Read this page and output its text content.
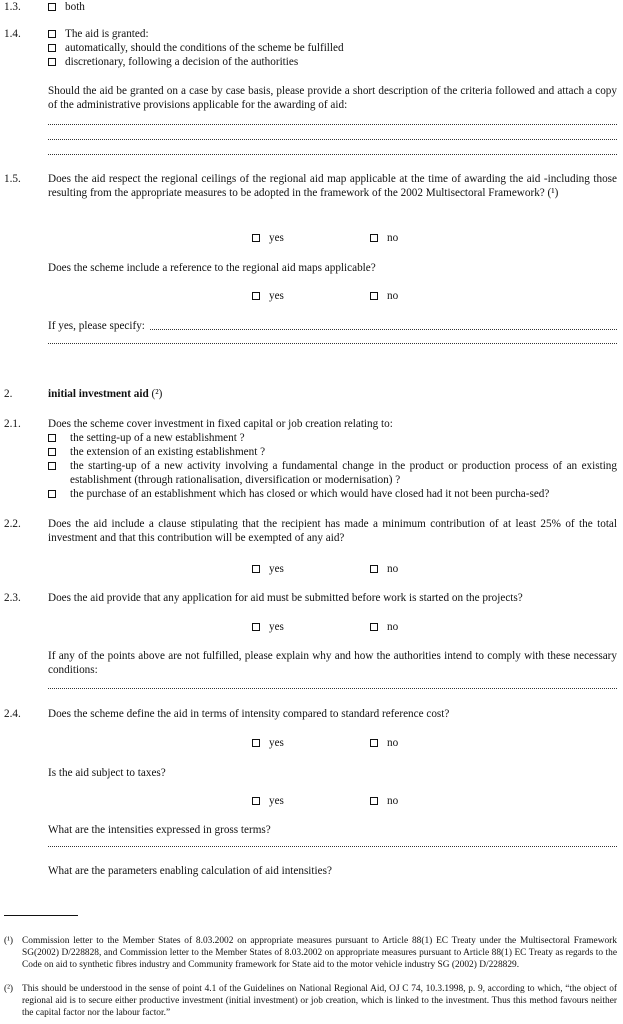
1.3.	both
1.4.	The aid is granted:
automatically, should the conditions of the scheme be fulfilled
discretionary, following a decision of the authorities
Should the aid be granted on a case by case basis, please provide a short description of the criteria followed and attach a copy of the administrative provisions applicable for the awarding of aid:
1.5. Does the aid respect the regional ceilings of the regional aid map applicable at the time of awarding the aid -including those resulting from the appropriate measures to be adopted in the framework of the 2002 Multisectoral Framework? (¹)
yes	no
Does the scheme include a reference to the regional aid maps applicable?
yes	no
If yes, please specify:
2.	initial investment aid (²)
2.1. Does the scheme cover investment in fixed capital or job creation relating to:
the setting-up of a new establishment ?
the extension of an existing establishment ?
the starting-up of a new activity involving a fundamental change in the product or production process of an existing establishment (through rationalisation, diversification or modernisation) ?
the purchase of an establishment which has closed or which would have closed had it not been purcha-sed?
2.2. Does the aid include a clause stipulating that the recipient has made a minimum contribution of at least 25% of the total investment and that this contribution will be exempted of any aid?
yes	no
2.3. Does the aid provide that any application for aid must be submitted before work is started on the projects?
yes	no
If any of the points above are not fulfilled, please explain why and how the authorities intend to comply with these necessary conditions:
2.4. Does the scheme define the aid in terms of intensity compared to standard reference cost?
yes	no
Is the aid subject to taxes?
yes	no
What are the intensities expressed in gross terms?
What are the parameters enabling calculation of aid intensities?
(¹) Commission letter to the Member States of 8.03.2002 on appropriate measures pursuant to Article 88(1) EC Treaty under the Multisectoral Framework SG(2002) D/228828, and Commission letter to the Member States of 8.03.2002 on appropriate measures pursuant to Article 88(1) EC Treaty as regards to the Code on aid to synthetic fibres industry and Community framework for State aid to the motor vehicle industry SG (2002) D/228829.
(²) This should be understood in the sense of point 4.1 of the Guidelines on National Regional Aid, OJ C 74, 10.3.1998, p. 9, according to which, “the object of regional aid is to secure either productive investment (initial investment) or job creation, which is linked to the investment. Thus this method favours neither the capital factor nor the labour factor.”
